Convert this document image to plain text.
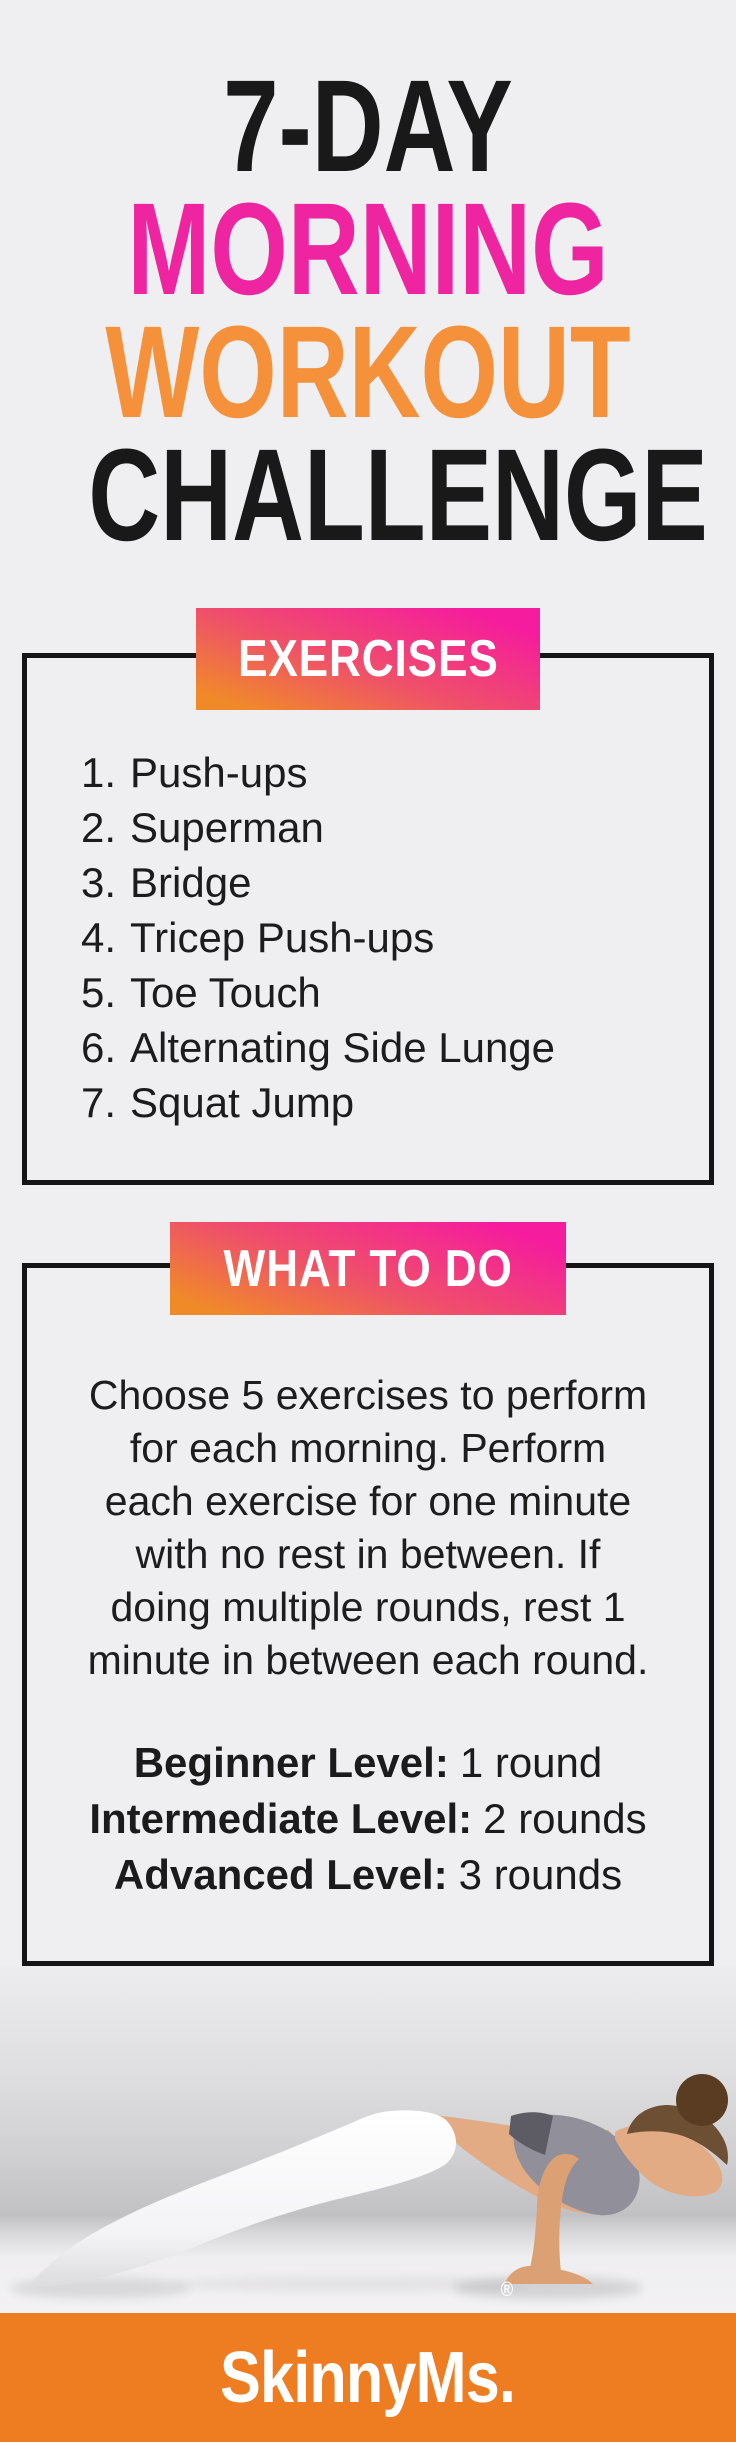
7-DAY
MORNING
WORKOUT
CHALLENGE
EXERCISES
1. Push-ups
2. Superman
3. Bridge
4. Tricep Push-ups
5. Toe Touch
6. Alternating Side Lunge
7. Squat Jump
WHAT TO DO
Choose 5 exercises to perform
for each morning. Perform
each exercise for one minute
with no rest in between. If
doing multiple rounds, rest 1
minute in between each round.
Beginner Level: 1 round
Intermediate Level: 2 rounds
Advanced Level: 3 rounds
SkinnyMs
®
.
